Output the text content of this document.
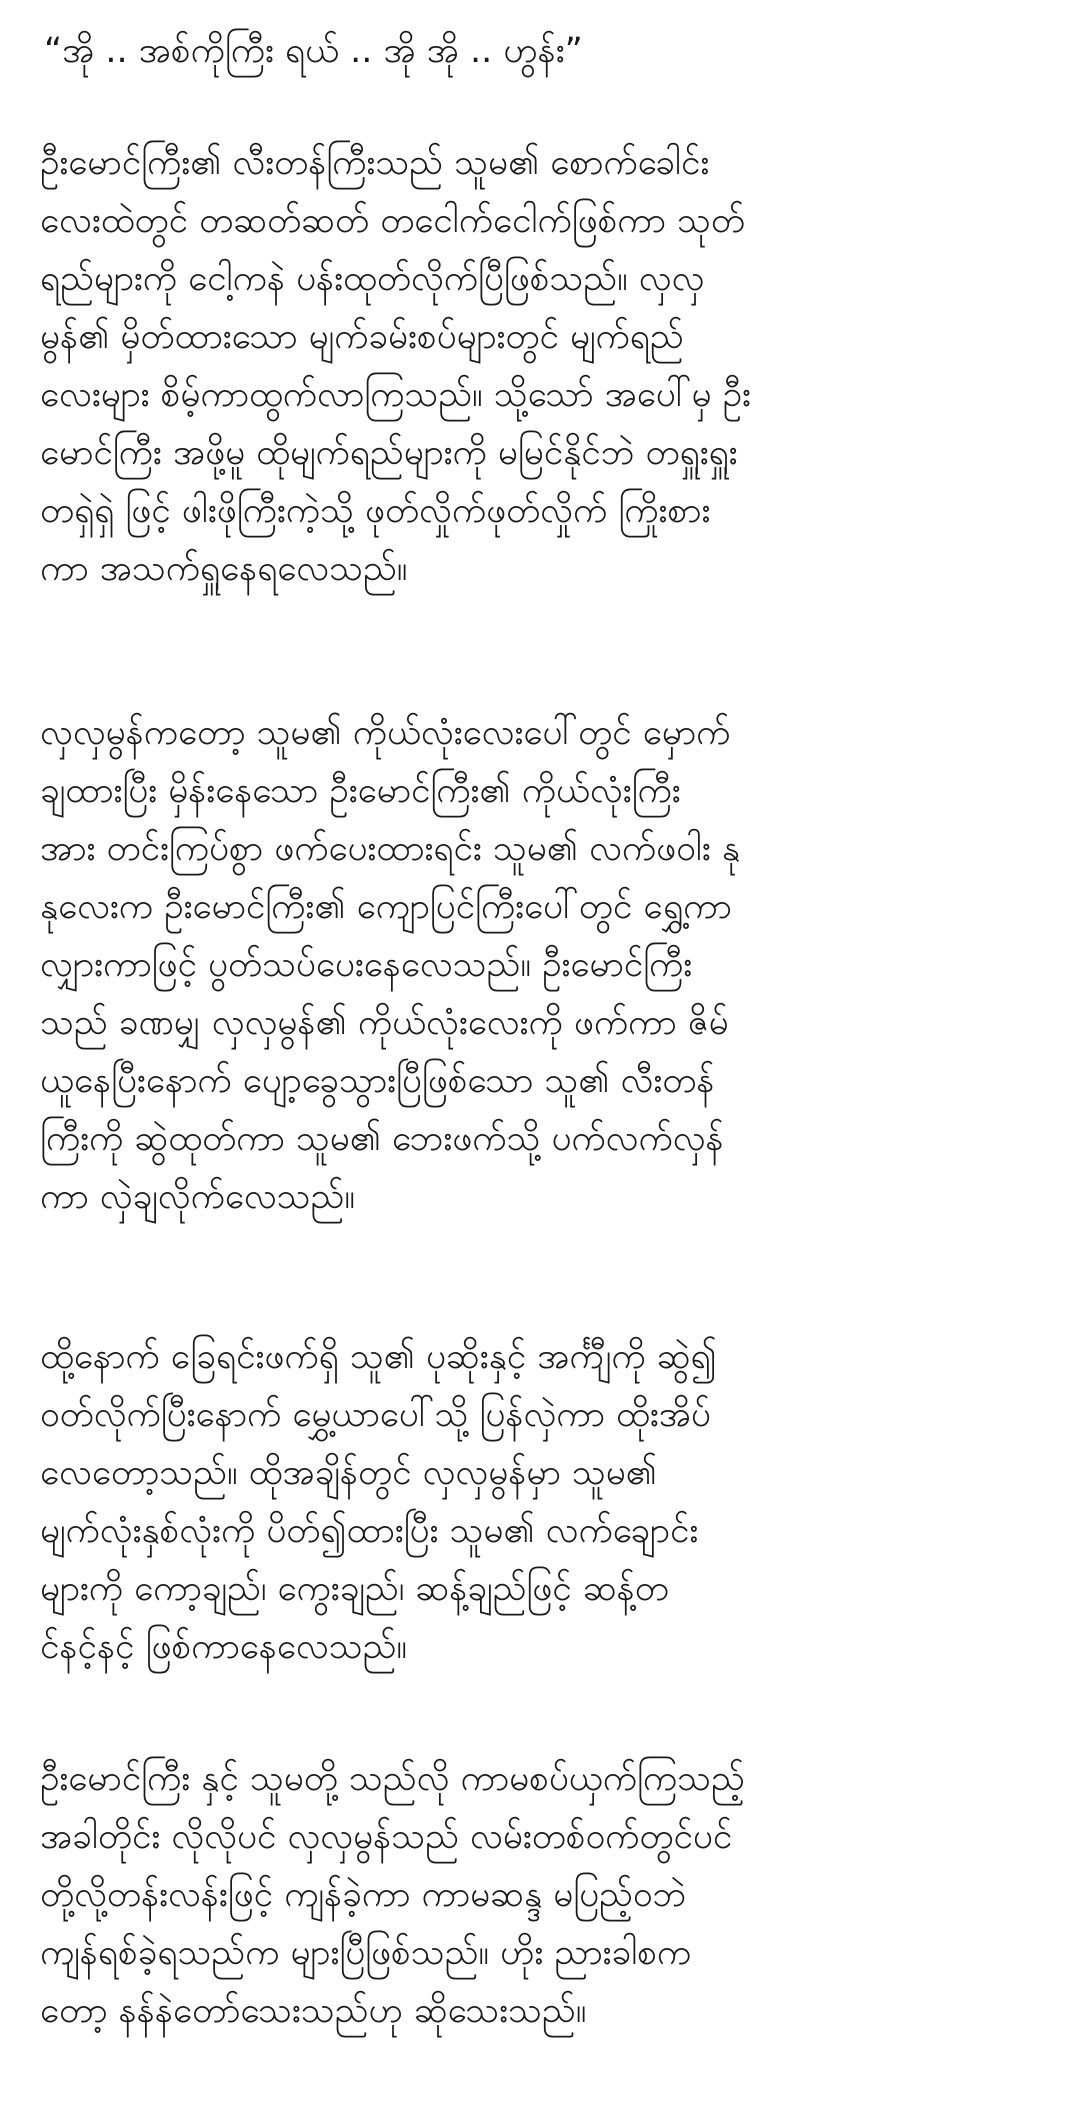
“အို .. အစ်ကိုကြီး ရယ် .. အို အို .. ဟွန်း”

ဦးမောင်ကြီး၏ လီးတန်ကြီးသည် သူမ၏ စောက်ခေါင်း
လေးထဲတွင် တဆတ်ဆတ် တငေါက်ငေါက်ဖြစ်ကာ သုတ်
ရည်များကို ငေါ့ကနဲ ပန်းထုတ်လိုက်ပြီဖြစ်သည်။ လှလှ
မွန်၏ မှိတ်ထားသော မျက်ခမ်းစပ်များတွင် မျက်ရည်
လေးများ စိမ့်ကာထွက်လာကြသည်။ သို့သော် အပေါ်မှ ဦး
မောင်ကြီး အဖို့မူ ထိုမျက်ရည်များကို မမြင်နိုင်ဘဲ တရှူးရှူး
တရှဲရှဲ ဖြင့် ဖါးဖိုကြီးကဲ့သို့ ဖုတ်လှိုက်ဖုတ်လှိုက် ကြိုးစား
ကာ အသက်ရှူနေရလေသည်။

လှလှမွန်ကတော့ သူမ၏ ကိုယ်လုံးလေးပေါ်တွင် မှောက်
ချထားပြီး မှိန်းနေသော ဦးမောင်ကြီး၏ ကိုယ်လုံးကြီး
အား တင်းကြပ်စွာ ဖက်ပေးထားရင်း သူမ၏ လက်ဖဝါး နု
နုလေးက ဦးမောင်ကြီး၏ ကျောပြင်ကြီးပေါ်တွင် ရွှေ့ကာ
လျှားကာဖြင့် ပွတ်သပ်ပေးနေလေသည်။ ဦးမောင်ကြီး
သည် ခဏမျှ လှလှမွန်၏ ကိုယ်လုံးလေးကို ဖက်ကာ ဇိမ်
ယူနေပြီးနောက် ပျော့ခွေသွားပြီဖြစ်သော သူ၏ လီးတန်
ကြီးကို ဆွဲထုတ်ကာ သူမ၏ ဘေးဖက်သို့ ပက်လက်လှန်
ကာ လှဲချလိုက်လေသည်။

ထို့နောက် ခြေရင်းဖက်ရှိ သူ၏ ပုဆိုးနှင့် အင်္ကျီကို ဆွဲ၍
ဝတ်လိုက်ပြီးနောက် မွှေ့ယာပေါ်သို့ ပြန်လှဲကာ ထိုးအိပ်
လေတော့သည်။ ထိုအချိန်တွင် လှလှမွန်မှာ သူမ၏
မျက်လုံးနှစ်လုံးကို ပိတ်၍ထားပြီး သူမ၏ လက်ချောင်း
များကို ကော့ချည်၊ ကွေးချည်၊ ဆန့်ချည်ဖြင့် ဆန့်တ
င်နင့်နင့် ဖြစ်ကာနေလေသည်။

ဦးမောင်ကြီး နှင့် သူမတို့ သည်လို ကာမစပ်ယှက်ကြသည့်
အခါတိုင်း လိုလိုပင် လှလှမွန်သည် လမ်းတစ်ဝက်တွင်ပင်
တို့လို့တန်းလန်းဖြင့် ကျန်ခဲ့ကာ ကာမဆန္ဒ မပြည့်ဝဘဲ
ကျန်ရစ်ခဲ့ရသည်က များပြီဖြစ်သည်။ ဟိုး ညားခါစက
တော့ နန်နဲတော်သေးသည်ဟု ဆိုသေးသည်။
